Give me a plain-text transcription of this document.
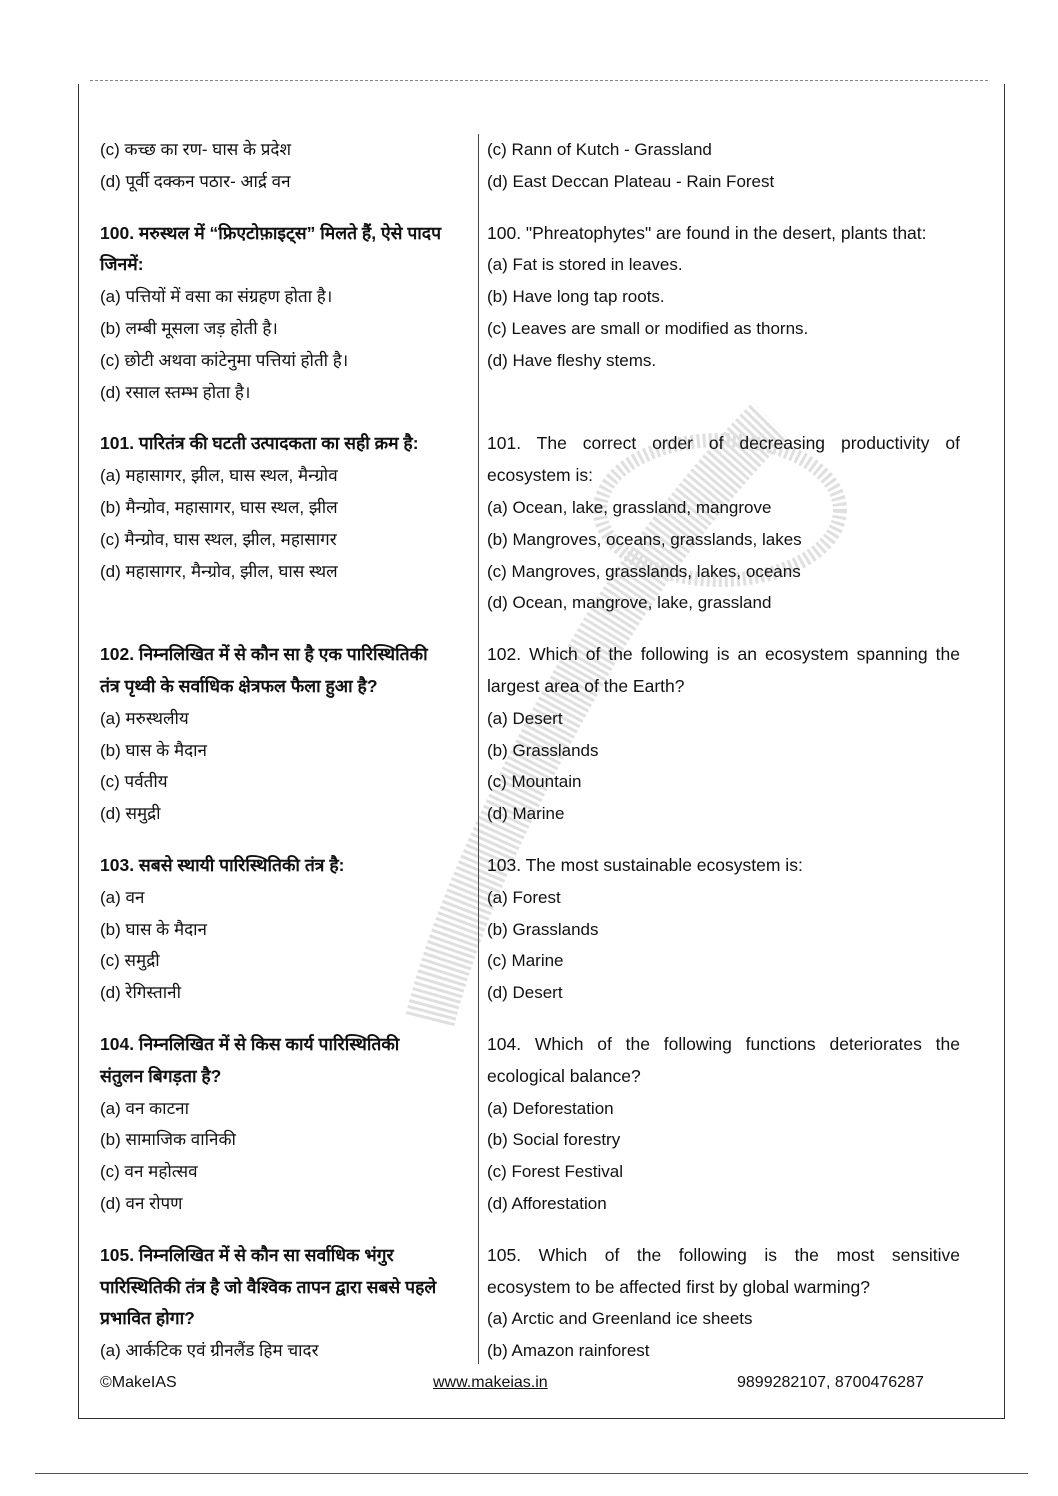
(c) कच्छ का रण- घास के प्रदेश
(d) पूर्वी दक्कन पठार- आर्द्र वन
(c) Rann of Kutch - Grassland
(d) East Deccan Plateau - Rain Forest
100. मरुस्थल में “फ्रिएटोफ़ाइट्स” मिलते हैं, ऐसे पादप
जिनमें:
(a) पत्तियों में वसा का संग्रहण होता है।
(b) लम्बी मूसला जड़ होती है।
(c) छोटी अथवा कांटेनुमा पत्तियां होती है।
(d) रसाल स्तम्भ होता है।
100. "Phreatophytes" are found in the desert, plants that:
(a) Fat is stored in leaves.
(b) Have long tap roots.
(c) Leaves are small or modified as thorns.
(d) Have fleshy stems.
101. पारितंत्र की घटती उत्पादकता का सही क्रम है:
(a) महासागर, झील, घास स्थल, मैन्ग्रोव
(b) मैन्ग्रोव, महासागर, घास स्थल, झील
(c) मैन्ग्रोव, घास स्थल, झील, महासागर
(d) महासागर, मैन्ग्रोव, झील, घास स्थल
101. The correct order of decreasing productivity of
ecosystem is:
(a) Ocean, lake, grassland, mangrove
(b) Mangroves, oceans, grasslands, lakes
(c) Mangroves, grasslands, lakes, oceans
(d) Ocean, mangrove, lake, grassland
102. निम्नलिखित में से कौन सा है एक पारिस्थितिकी
तंत्र पृथ्वी के सर्वाधिक क्षेत्रफल फैला हुआ है?
(a) मरुस्थलीय
(b) घास के मैदान
(c) पर्वतीय
(d) समुद्री
102. Which of the following is an ecosystem spanning the
largest area of the Earth?
(a) Desert
(b) Grasslands
(c) Mountain
(d) Marine
103. सबसे स्थायी पारिस्थितिकी तंत्र है:
(a) वन
(b) घास के मैदान
(c) समुद्री
(d) रेगिस्तानी
103. The most sustainable ecosystem is:
(a) Forest
(b) Grasslands
(c) Marine
(d) Desert
104. निम्नलिखित में से किस कार्य पारिस्थितिकी
संतुलन बिगड़ता है?
(a) वन काटना
(b) सामाजिक वानिकी
(c) वन महोत्सव
(d) वन रोपण
104. Which of the following functions deteriorates the
ecological balance?
(a) Deforestation
(b) Social forestry
(c) Forest Festival
(d) Afforestation
105. निम्नलिखित में से कौन सा सर्वाधिक भंगुर
पारिस्थितिकी तंत्र है जो वैश्विक तापन द्वारा सबसे पहले
प्रभावित होगा?
(a) आर्कटिक एवं ग्रीनलैंड हिम चादर
105. Which of the following is the most sensitive
ecosystem to be affected first by global warming?
(a) Arctic and Greenland ice sheets
(b) Amazon rainforest
©MakeIAS	www.makeias.in	9899282107, 8700476287
